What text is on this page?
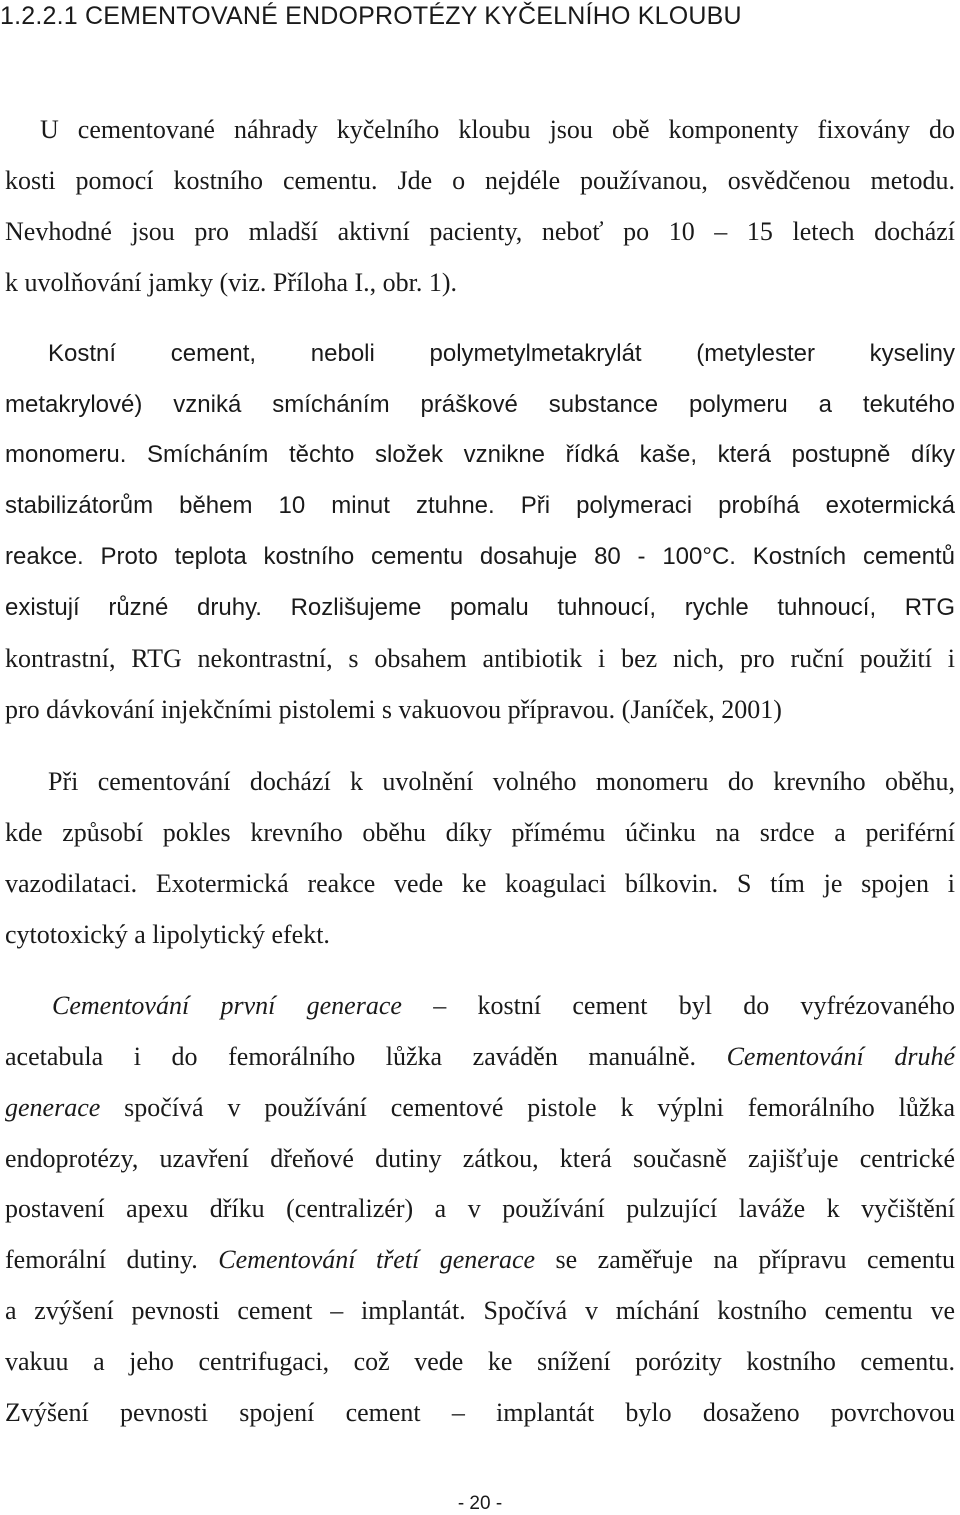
1.2.2.1 CEMENTOVANÉ ENDOPROTÉZY KYČELNÍHO KLOUBU
U cementované náhrady kyčelního kloubu jsou obě komponenty fixovány do
kosti pomocí kostního cementu. Jde o nejdéle používanou, osvědčenou metodu.
Nevhodné jsou pro mladší aktivní pacienty, neboť po 10 – 15 letech dochází
k uvolňování jamky (viz. Příloha I., obr. 1).
Kostní cement, neboli polymetylmetakrylát (metylester kyseliny
metakrylové) vzniká smícháním práškové substance polymeru a tekutého
monomeru. Smícháním těchto složek vznikne řídká kaše, která postupně díky
stabilizátorům během 10 minut ztuhne. Při polymeraci probíhá exotermická
reakce. Proto teplota kostního cementu dosahuje 80 - 100°C. Kostních cementů
existují různé druhy. Rozlišujeme pomalu tuhnoucí, rychle tuhnoucí, RTG
kontrastní, RTG nekontrastní, s obsahem antibiotik i bez nich, pro ruční použití i
pro dávkování injekčními pistolemi s vakuovou přípravou. (Janíček, 2001)
Při cementování dochází k uvolnění volného monomeru do krevního oběhu,
kde způsobí pokles krevního oběhu díky přímému účinku na srdce a periférní
vazodilataci. Exotermická reakce vede ke koagulaci bílkovin. S tím je spojen i
cytotoxický a lipolytický efekt.
Cementování první generace – kostní cement byl do vyfrézovaného
acetabula i do femorálního lůžka zaváděn manuálně. Cementování druhé
generace spočívá v používání cementové pistole k výplni femorálního lůžka
endoprotézy, uzavření dřeňové dutiny zátkou, která současně zajišťuje centrické
postavení apexu dříku (centralizér) a v používání pulzující laváže k vyčištění
femorální dutiny. Cementování třetí generace se zaměřuje na přípravu cementu
a zvýšení pevnosti cement – implantát. Spočívá v míchání kostního cementu ve
vakuu a jeho centrifugaci, což vede ke snížení porózity kostního cementu.
Zvýšení pevnosti spojení cement – implantát bylo dosaženo povrchovou
- 20 -
